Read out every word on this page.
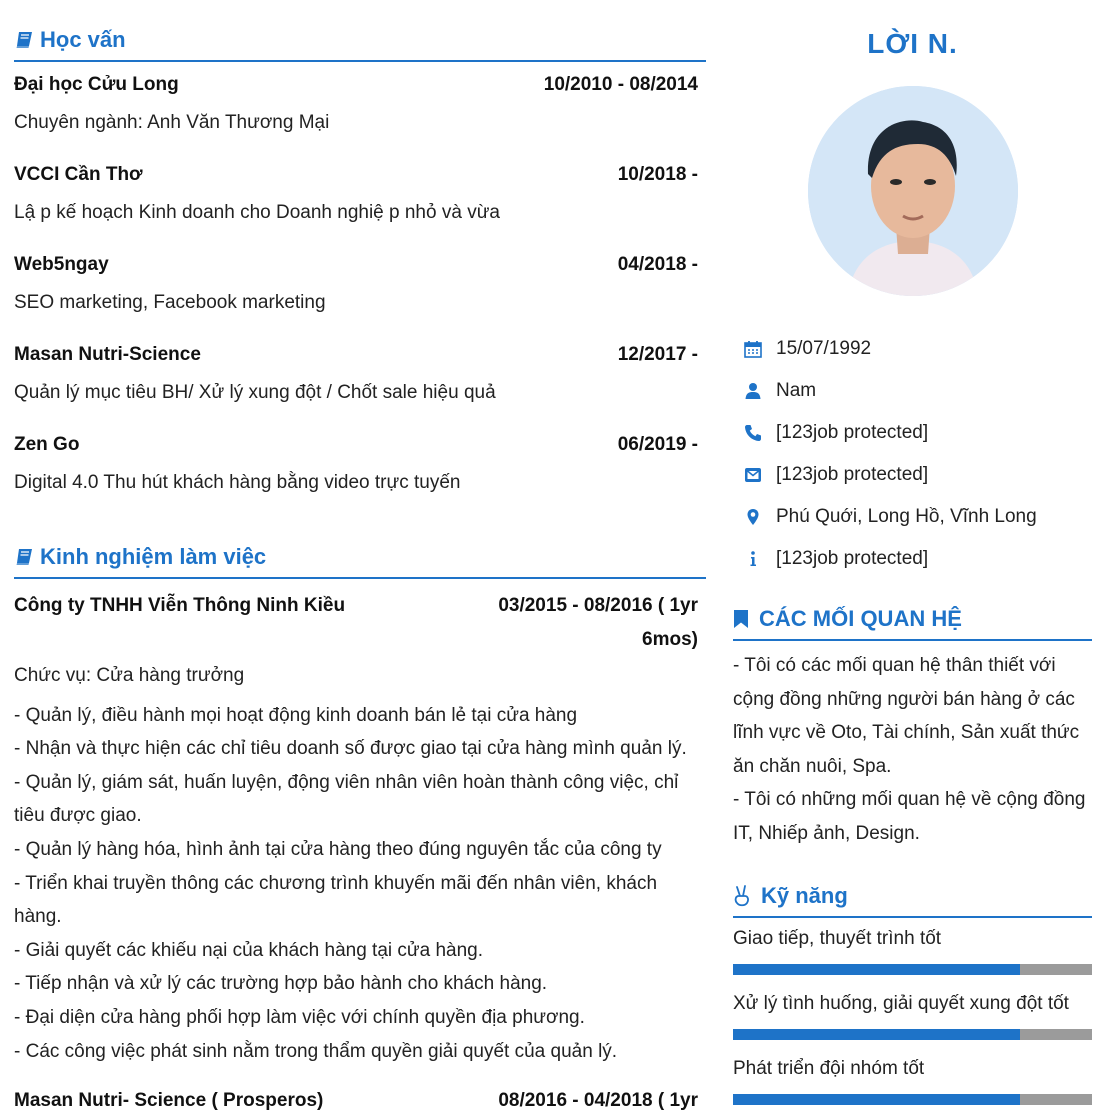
Học vấn
Đại học Cửu Long	10/2010 - 08/2014
Chuyên ngành: Anh Văn Thương Mại
VCCI Cần Thơ	10/2018 -
Lậ p kế hoạch Kinh doanh cho Doanh nghiệ p nhỏ và vừa
Web5ngay	04/2018 -
SEO marketing, Facebook marketing
Masan Nutri-Science	12/2017 -
Quản lý mục tiêu BH/ Xử lý xung đột / Chốt sale hiệu quả
Zen Go	06/2019 -
Digital 4.0 Thu hút khách hàng bằng video trực tuyến
Kinh nghiệm làm việc
Công ty TNHH Viễn Thông Ninh Kiều	03/2015 - 08/2016 ( 1yr
6mos)
Chức vụ: Cửa hàng trưởng
- Quản lý, điều hành mọi hoạt động kinh doanh bán lẻ tại cửa hàng
- Nhận và thực hiện các chỉ tiêu doanh số được giao tại cửa hàng mình quản lý.
- Quản lý, giám sát, huấn luyện, động viên nhân viên hoàn thành công việc, chỉ
tiêu được giao.
- Quản lý hàng hóa, hình ảnh tại cửa hàng theo đúng nguyên tắc của công ty
- Triển khai truyền thông các chương trình khuyến mãi đến nhân viên, khách
hàng.
- Giải quyết các khiếu nại của khách hàng tại cửa hàng.
- Tiếp nhận và xử lý các trường hợp bảo hành cho khách hàng.
- Đại diện cửa hàng phối hợp làm việc với chính quyền địa phương.
- Các công việc phát sinh nằm trong thẩm quyền giải quyết của quản lý.
Masan Nutri- Science ( Prosperos)	08/2016 - 04/2018 ( 1yr
LỜI N.
15/07/1992
Nam
[123job protected]
[123job protected]
Phú Quới, Long Hồ, Vĩnh Long
[123job protected]
CÁC MỐI QUAN HỆ
- Tôi có các mối quan hệ thân thiết với
cộng đồng những người bán hàng ở các
lĩnh vực về Oto, Tài chính, Sản xuất thức
ăn chăn nuôi, Spa.
- Tôi có những mối quan hệ về cộng đồng
IT, Nhiếp ảnh, Design.
Kỹ năng
Giao tiếp, thuyết trình tốt
Xử lý tình huống, giải quyết xung đột tốt
Phát triển đội nhóm tốt
